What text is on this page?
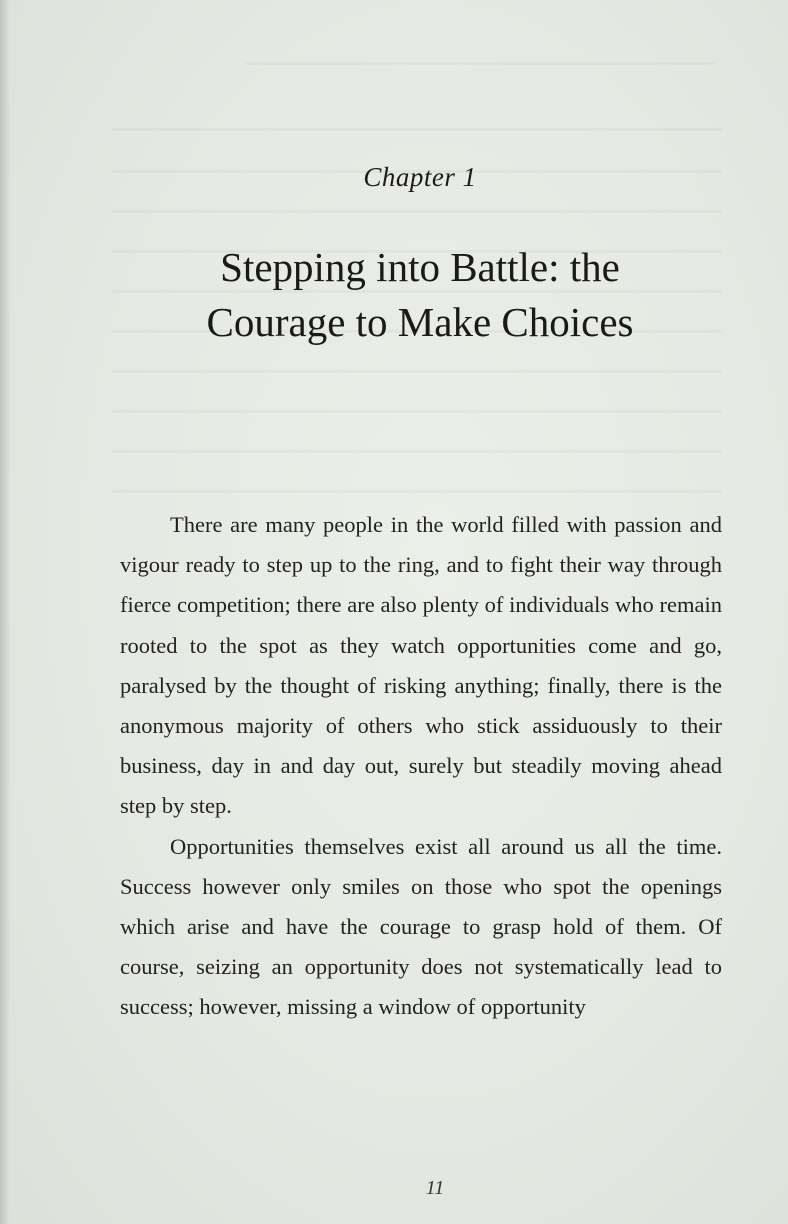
Chapter 1
Stepping into Battle: the
Courage to Make Choices

There are many people in the world filled with passion and vigour ready to step up to the ring, and to fight their way through fierce competition; there are also plenty of individuals who remain rooted to the spot as they watch opportunities come and go, paralysed by the thought of risking anything; finally, there is the anonymous majority of others who stick assiduously to their business, day in and day out, surely but steadily moving ahead step by step.

Opportunities themselves exist all around us all the time. Success however only smiles on those who spot the openings which arise and have the courage to grasp hold of them. Of course, seizing an opportunity does not systematically lead to success; however, missing a window of opportunity

11
